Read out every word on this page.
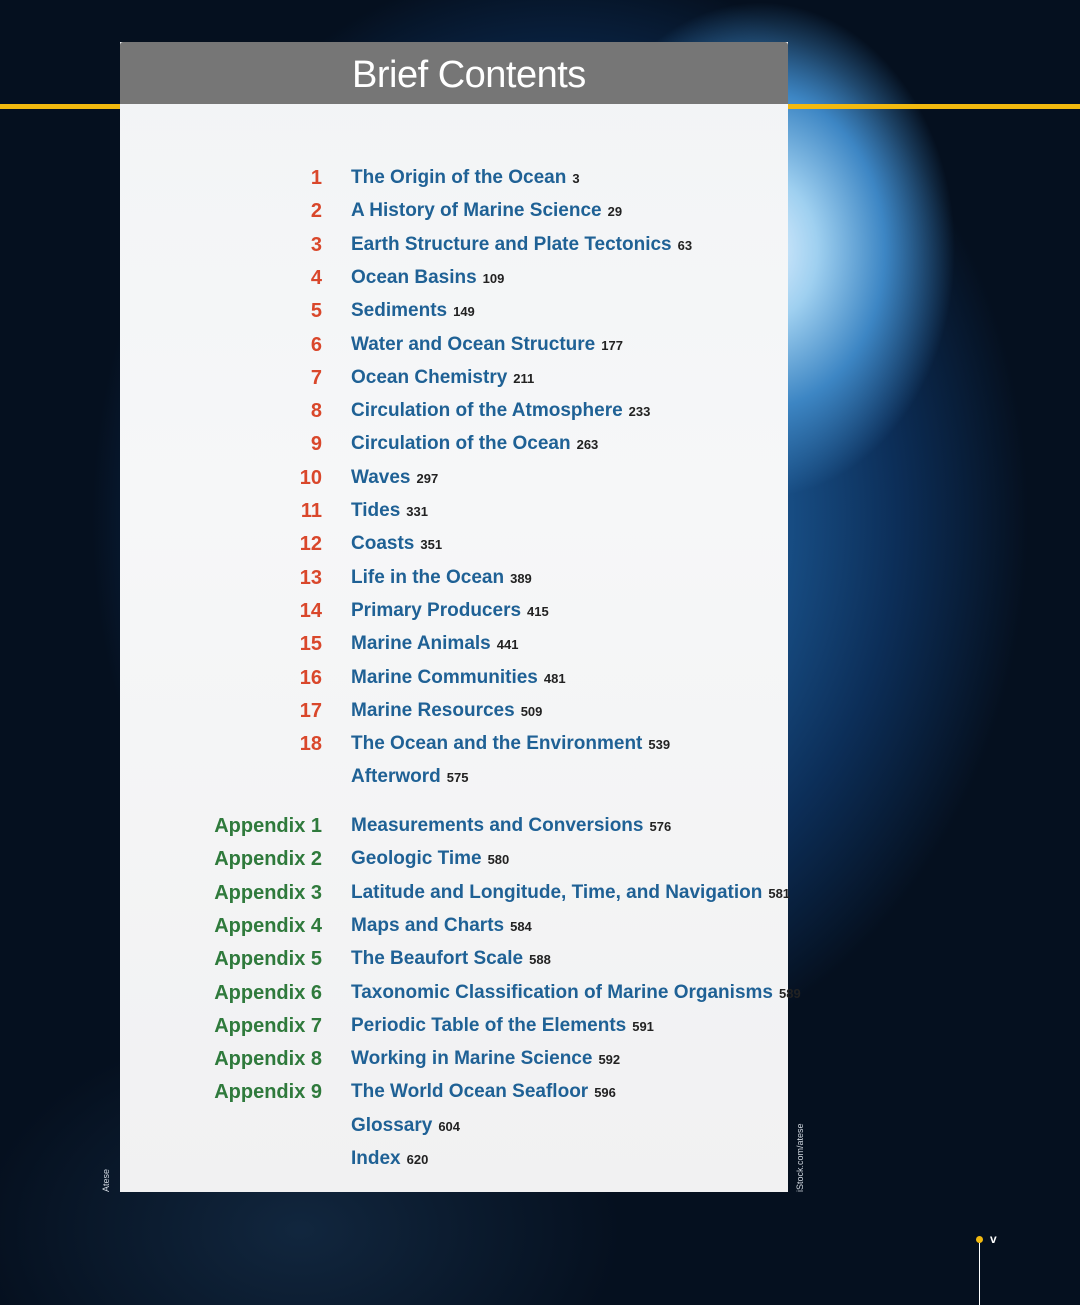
Brief Contents
1 The Origin of the Ocean 3
2 A History of Marine Science 29
3 Earth Structure and Plate Tectonics 63
4 Ocean Basins 109
5 Sediments 149
6 Water and Ocean Structure 177
7 Ocean Chemistry 211
8 Circulation of the Atmosphere 233
9 Circulation of the Ocean 263
10 Waves 297
11 Tides 331
12 Coasts 351
13 Life in the Ocean 389
14 Primary Producers 415
15 Marine Animals 441
16 Marine Communities 481
17 Marine Resources 509
18 The Ocean and the Environment 539
Afterword 575
Appendix 1 Measurements and Conversions 576
Appendix 2 Geologic Time 580
Appendix 3 Latitude and Longitude, Time, and Navigation 581
Appendix 4 Maps and Charts 584
Appendix 5 The Beaufort Scale 588
Appendix 6 Taxonomic Classification of Marine Organisms 589
Appendix 7 Periodic Table of the Elements 591
Appendix 8 Working in Marine Science 592
Appendix 9 The World Ocean Seafloor 596
Glossary 604
Index 620
Atese	iStock.com/atese
v
